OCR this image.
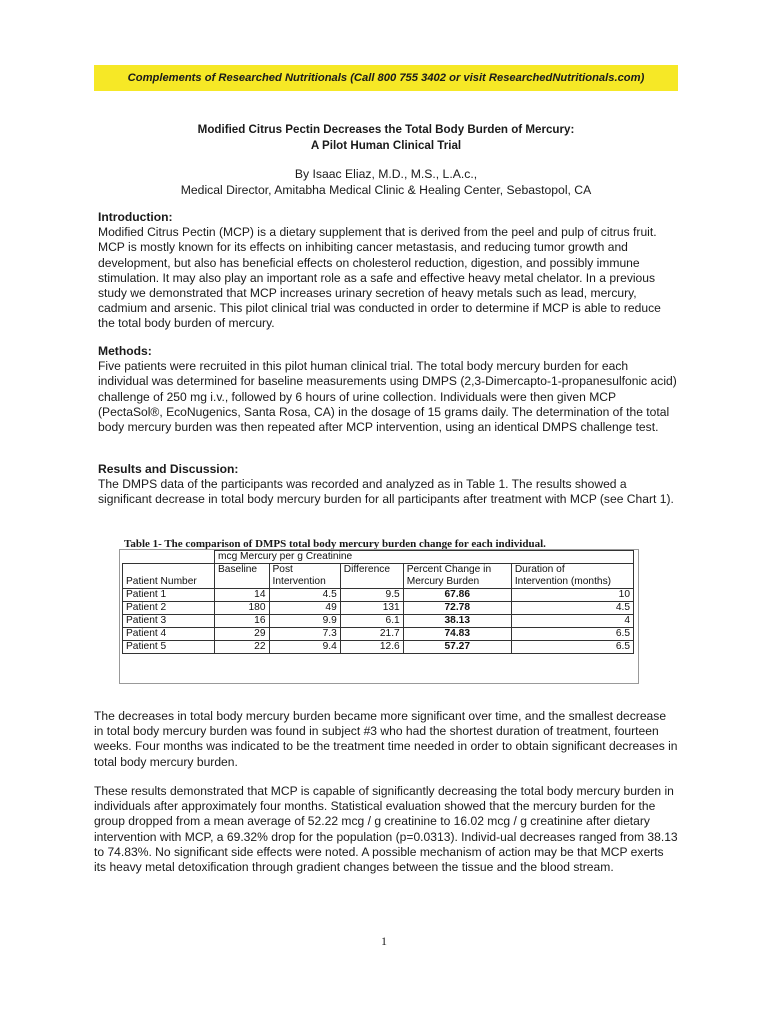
Complements of Researched Nutritionals (Call 800 755 3402 or visit ResearchedNutritionals.com)
Modified Citrus Pectin Decreases the Total Body Burden of Mercury:
A Pilot Human Clinical Trial
By Isaac Eliaz, M.D., M.S., L.A.c.,
Medical Director, Amitabha Medical Clinic & Healing Center, Sebastopol, CA
Introduction:

Modified Citrus Pectin (MCP) is a dietary supplement that is derived from the peel and pulp of citrus fruit. MCP is mostly known for its effects on inhibiting cancer metastasis, and reducing tumor growth and development, but also has beneficial effects on cholesterol reduction, digestion, and possibly immune stimulation. It may also play an important role as a safe and effective heavy metal chelator. In a previous study we demonstrated that MCP increases urinary secretion of heavy metals such as lead, mercury, cadmium and arsenic. This pilot clinical trial was conducted in order to determine if MCP is able to reduce the total body burden of mercury.

Methods:

Five patients were recruited in this pilot human clinical trial. The total body mercury burden for each individual was determined for baseline measurements using DMPS (2,3-Dimercapto-1-propanesulfonic acid) challenge of 250 mg i.v., followed by 6 hours of urine collection. Individuals were then given MCP (PectaSol®, EcoNugenics, Santa Rosa, CA) in the dosage of 15 grams daily. The determination of the total body mercury burden was then repeated after MCP intervention, using an identical DMPS challenge test.

Results and Discussion:

The DMPS data of the participants was recorded and analyzed as in Table 1. The results showed a significant decrease in total body mercury burden for all participants after treatment with MCP (see Chart 1).

Table 1- The comparison of DMPS total body mercury burden change for each individual.
	mcg Mercury per g Creatinine				
	Baseline	Post	Difference	Percent Change in	Duration of
Patient Number		Intervention		Mercury Burden	Intervention (months)
Patient 1	14	4.5	9.5	67.86	10
Patient 2	180	49	131	72.78	4.5
Patient 3	16	9.9	6.1	38.13	4
Patient 4	29	7.3	21.7	74.83	6.5
Patient 5	22	9.4	12.6	57.27	6.5

The decreases in total body mercury burden became more significant over time, and the smallest decrease in total body mercury burden was found in subject #3 who had the shortest duration of treatment, fourteen weeks. Four months was indicated to be the treatment time needed in order to obtain significant decreases in total body mercury burden.

These results demonstrated that MCP is capable of significantly decreasing the total body mercury burden in individuals after approximately four months. Statistical evaluation showed that the mercury burden for the group dropped from a mean average of 52.22 mcg / g creatinine to 16.02 mcg / g creatinine after dietary intervention with MCP, a 69.32% drop for the population (p=0.0313). Individ-ual decreases ranged from 38.13 to 74.83%. No significant side effects were noted. A possible mechanism of action may be that MCP exerts its heavy metal detoxification through gradient changes between the tissue and the blood stream.

1
